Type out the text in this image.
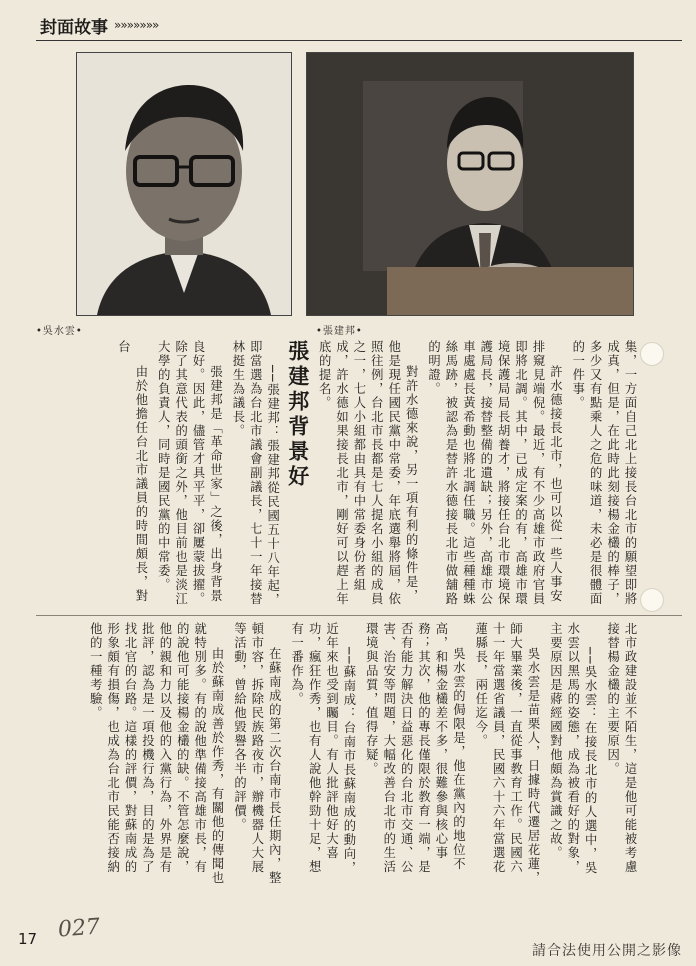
封面故事 »»»»»»»
•吳水雲•	•張建邦•

集，一方面自己北上接長台北市的願望即將成真，但是，在此時此刻接楊金欉的棒子，多少又有點乘人之危的味道，未必是很體面的一件事。

許水德接長北市，也可以從一些人事安排窺見端倪。最近，有不少高雄市政府官員即將北調。其中，已成定案的有，高雄市環境保護局局長胡養才，將接任台北市環境保護局長，接替整備的遺缺；另外，高雄市公車處處長黃希動也將北調任職。這些種種蛛絲馬跡，被認為是替許水德接長北市做舖路的明證。

對許水德來說，另一項有利的條件是，他是現任國民黨中常委，年底選舉將屆，依照往例，台北市長都是七人提名小組的成員之一，七人小組都由具有中常委身份者組成，許水德如果接長北市，剛好可以趕上年底的提名。

張建邦背景好

──張建邦：張建邦從民國五十八年起，即當選為台北市議會副議長，七十一年接替林挺生為議長。

張建邦是「革命世家」之後，出身背景良好。因此，儘管才具平平，卻屢蒙拔擢。除了其意代表的頭銜之外，他目前也是淡江大學的負責人，同時是國民黨的中常委。

由於他擔任台北市議員的時間頗長，對台

北市政建設並不陌生，這是他可能被考慮接替楊金欉的主要原因。

──吳水雲：在接長北市的人選中，吳水雲以黑馬的姿態，成為被看好的對象，主要原因是蔣經國對他頗為賞識之故。

吳水雲是苗栗人，日據時代遷居花蓮，師大畢業後，一直從事教育工作。民國六十一年當選省議員，民國六十六年當選花蓮縣長，兩任迄今。

吳水雲的侷限是，他在黨內的地位不高，和楊金欉差不多，很難參與核心事務；其次，他的專長僅限於教育一端，是否有能力解決日益惡化的台北市交通、公害、治安等問題，大幅改善台北市的生活環境與品質，值得存疑。

──蘇南成：台南市長蘇南成的動向，近年來也受到矚目。有人批評他好大喜功，瘋狂作秀，也有人說他幹勁十足，想有一番作為。

在蘇南成的第二次台南市長任期內，整頓市容，拆除民族路夜市，辦機器人大展等活動，曾給他毀譽各半的評價。

由於蘇南成善於作秀，有關他的傳聞也就特別多。有的說他準備接高雄市長，有的說他可能接楊金欉的缺。不管怎麼說，他的親和力以及他的入黨行為，外界是有批評，認為是一項投機行為，目的是為了找北官的台路。這樣的評價，對蘇南成的形象頗有損傷，也成為台北市民能否接納他的一種考驗。

17 027
請合法使用公開之影像
